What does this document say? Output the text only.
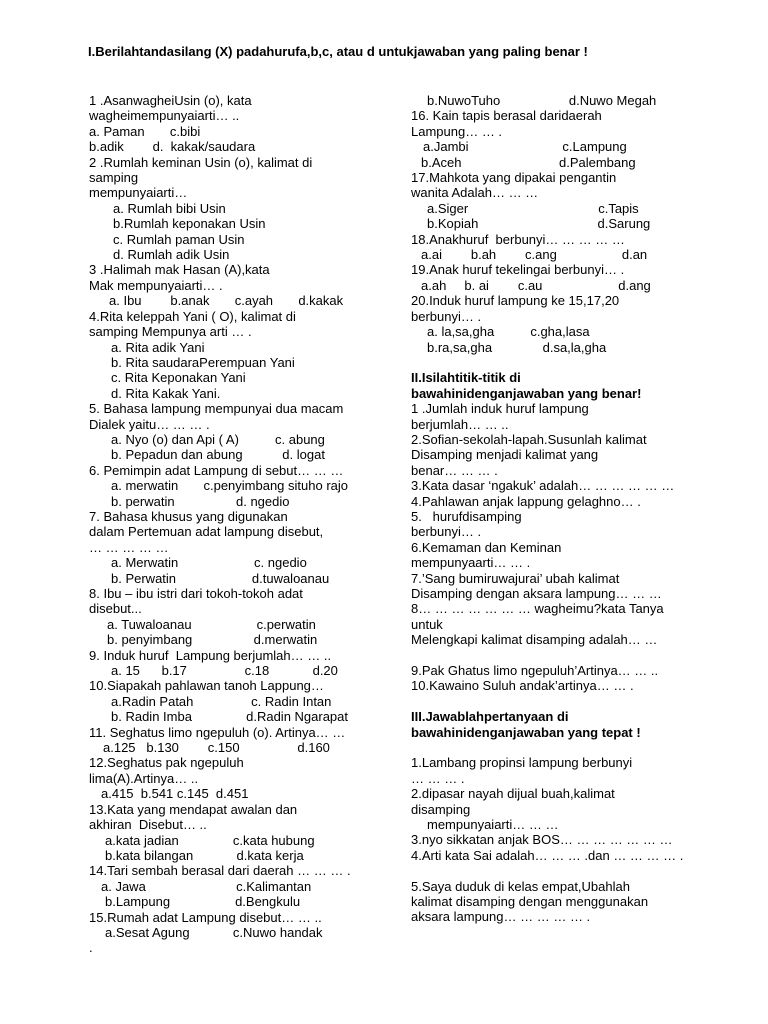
I.Berilahtandasilang (X) padahurufa,b,c, atau d untukjawaban yang paling benar !

1 .AsanwagheiUsin (o), kata

wagheimempunyaiarti… ..

a. Paman       c.bibi

b.adik        d.  kakak/saudara

2 .Rumlah keminan Usin (o), kalimat di

samping

mempunyaiarti…

a. Rumlah bibi Usin

b.Rumlah keponakan Usin

c. Rumlah paman Usin

d. Rumlah adik Usin

3 .Halimah mak Hasan (A),kata

Mak mempunyaiarti… .

a. Ibu        b.anak       c.ayah       d.kakak

4.Rita keleppah Yani ( O), kalimat di

samping Mempunya arti … .

a. Rita adik Yani

b. Rita saudaraPerempuan Yani

c. Rita Keponakan Yani

d. Rita Kakak Yani.

5. Bahasa lampung mempunyai dua macam

Dialek yaitu… … … .

a. Nyo (o) dan Api ( A)          c. abung

b. Pepadun dan abung           d. logat

6. Pemimpin adat Lampung di sebut… … …

a. merwatin       c.penyimbang situho rajo

b. perwatin                 d. ngedio

7. Bahasa khusus yang digunakan

dalam Pertemuan adat lampung disebut,

… … … … …

a. Merwatin                     c. ngedio

b. Perwatin                     d.tuwaloanau

8. Ibu – ibu istri dari tokoh-tokoh adat

disebut...

a. Tuwaloanau                  c.perwatin

b. penyimbang                 d.merwatin

9. Induk huruf  Lampung berjumlah… … ..

a. 15      b.17                c.18            d.20

10.Siapakah pahlawan tanoh Lappung…

a.Radin Patah                c. Radin Intan

b. Radin Imba               d.Radin Ngarapat

11. Seghatus limo ngepuluh (o). Artinya… …

a.125   b.130        c.150                d.160

12.Seghatus pak ngepuluh

lima(A).Artinya… ..

a.415  b.541 c.145  d.451

13.Kata yang mendapat awalan dan

akhiran  Disebut… ..

a.kata jadian               c.kata hubung

b.kata bilangan            d.kata kerja

14.Tari sembah berasal dari daerah … … … .

a. Jawa                         c.Kalimantan

b.Lampung                  d.Bengkulu

15.Rumah adat Lampung disebut… … ..

a.Sesat Agung            c.Nuwo handak

.

b.NuwoTuho                   d.Nuwo Megah

16. Kain tapis berasal daridaerah

Lampung… … .

a.Jambi                          c.Lampung

b.Aceh                           d.Palembang

17.Mahkota yang dipakai pengantin

wanita Adalah… … …

a.Siger                                    c.Tapis

b.Kopiah                                 d.Sarung

18.Anakhuruf  berbunyi… … … … …

a.ai        b.ah        c.ang                  d.an

19.Anak huruf tekelingai berbunyi… .

a.ah     b. ai        c.au                     d.ang

20.Induk huruf lampung ke 15,17,20

berbunyi… .

a. la,sa,gha          c.gha,lasa

b.ra,sa,gha              d.sa,la,gha

II.Isilahtitik-titik di

bawahinidenganjawaban yang benar!

1 .Jumlah induk huruf lampung

berjumlah… … ..

2.Sofian-sekolah-lapah.Susunlah kalimat

Disamping menjadi kalimat yang

benar… … … .

3.Kata dasar ‘ngakuk’ adalah… … … … … …

4.Pahlawan anjak lappung gelaghno… .

5.   hurufdisamping

berbunyi… .

6.Kemaman dan Keminan

mempunyaarti… … .

7.’Sang bumiruwajurai’ ubah kalimat

Disamping dengan aksara lampung… … …

8… … … … … … … wagheimu?kata Tanya

untuk

Melengkapi kalimat disamping adalah… …

9.Pak Ghatus limo ngepuluh’Artinya… … ..

10.Kawaino Suluh andak’artinya… … .

III.Jawablahpertanyaan di

bawahinidenganjawaban yang tepat !

1.Lambang propinsi lampung berbunyi

… … … .

2.dipasar nayah dijual buah,kalimat

disamping

mempunyaiarti… … …

3.nyo sikkatan anjak BOS… … … … … … …

4.Arti kata Sai adalah… … … .dan … … … … .

5.Saya duduk di kelas empat,Ubahlah

kalimat disamping dengan menggunakan

aksara lampung… … … … … .
